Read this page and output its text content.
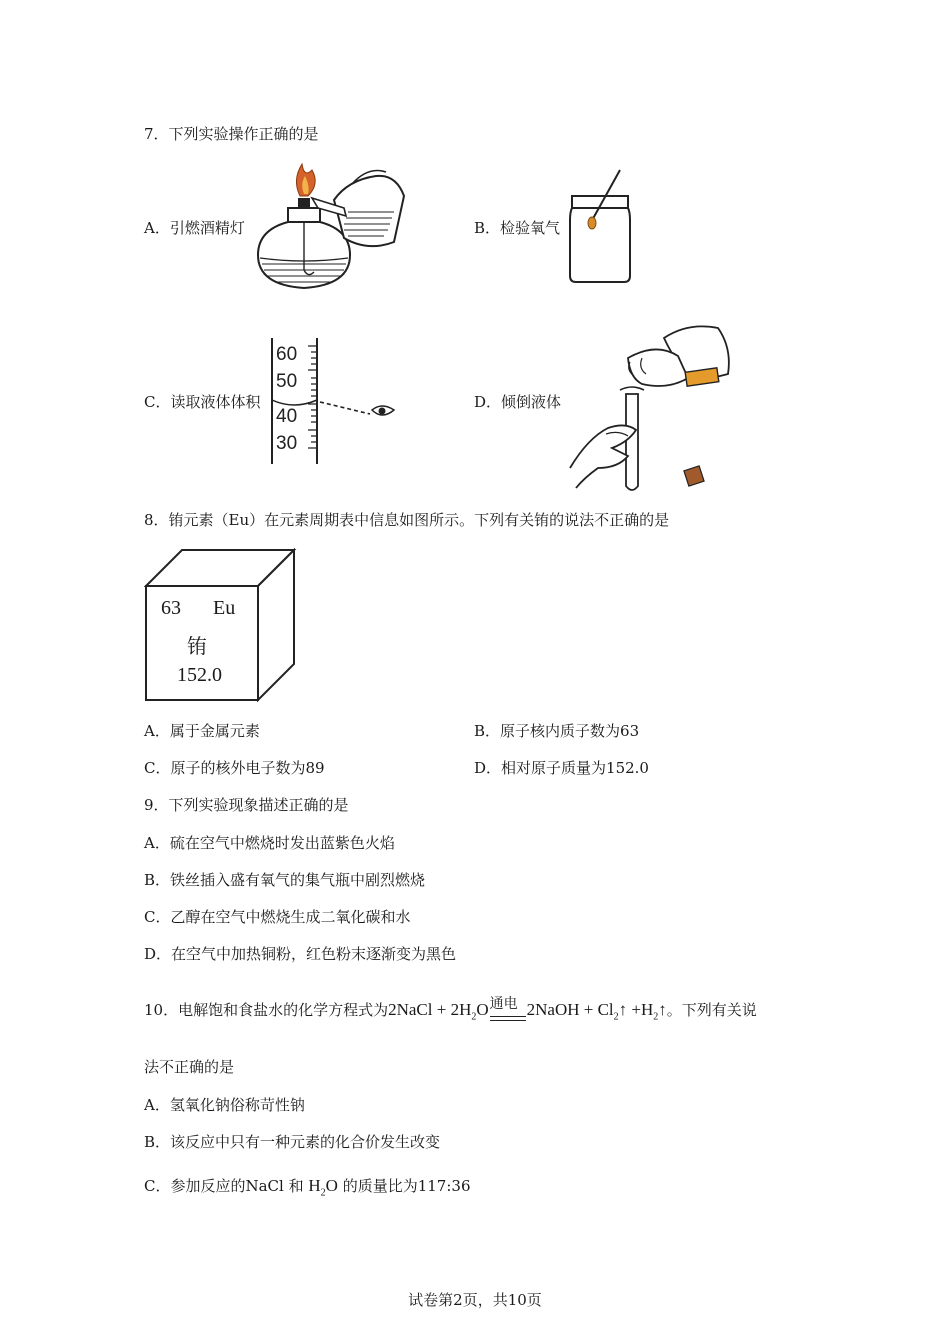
7．下列实验操作正确的是
A．引燃酒精灯	B．检验氧气
60
50
40
30
C．读取液体体积	D．倾倒液体
8．铕元素（Eu）在元素周期表中信息如图所示。下列有关铕的说法不正确的是
63 Eu
铕
152.0
A．属于金属元素	B．原子核内质子数为63
C．原子的核外电子数为89	D．相对原子质量为152.0
9．下列实验现象描述正确的是
A．硫在空气中燃烧时发出蓝紫色火焰
B．铁丝插入盛有氧气的集气瓶中剧烈燃烧
C．乙醇在空气中燃烧生成二氧化碳和水
D．在空气中加热铜粉，红色粉末逐渐变为黑色
10．电解饱和食盐水的化学方程式为2NaCl + $2H_2O$ 通电 2NaOH + $Cl_2↑$ $+H_2↑$。下列有关说
法不正确的是
A．氢氧化钠俗称苛性钠
B．该反应中只有一种元素的化合价发生改变
C．参加反应的NaCl 和 $H_2O$ 的质量比为117:36
试卷第2页，共10页
